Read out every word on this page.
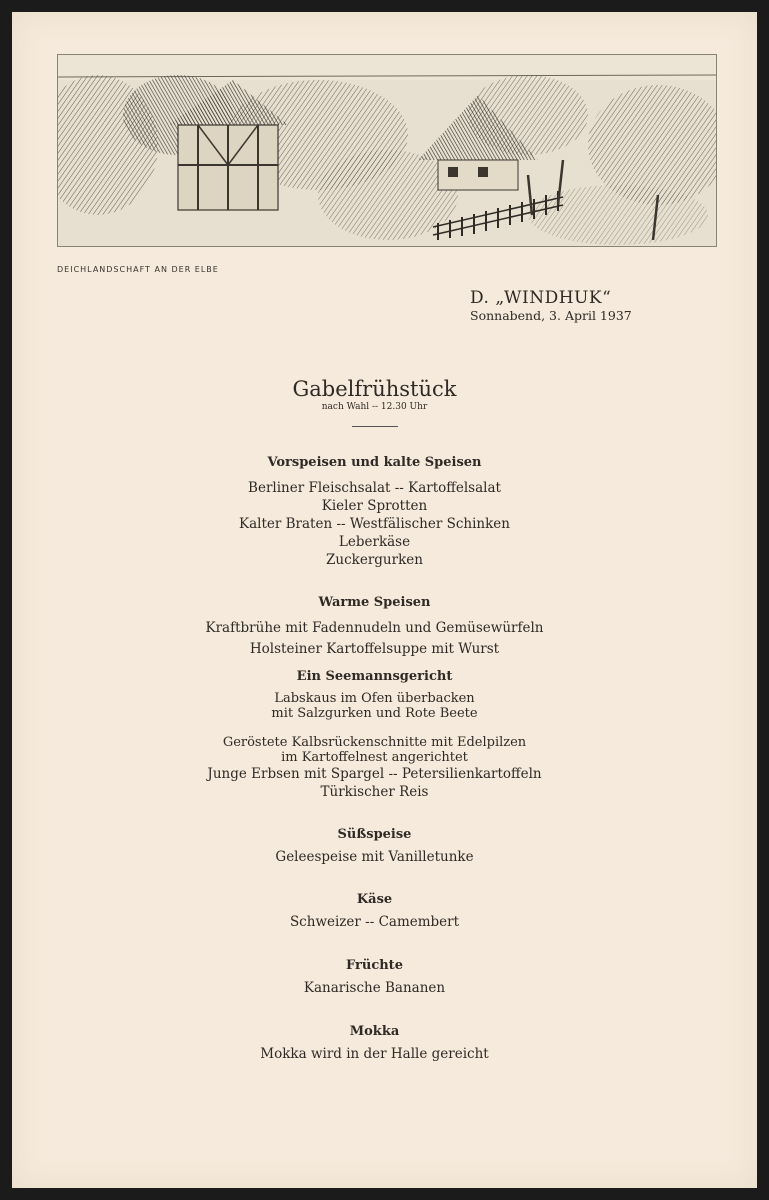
DEICHLANDSCHAFT AN DER ELBE
D. „WINDHUK“
Sonnabend, 3. April 1937
Gabelfrühstück
nach Wahl -- 12.30 Uhr
Vorspeisen und kalte Speisen
Berliner Fleischsalat -- Kartoffelsalat
Kieler Sprotten
Kalter Braten -- Westfälischer Schinken
Leberkäse
Zuckergurken
Warme Speisen
Kraftbrühe mit Fadennudeln und Gemüsewürfeln
Holsteiner Kartoffelsuppe mit Wurst
Ein Seemannsgericht
Labskaus im Ofen überbacken
mit Salzgurken und Rote Beete
Geröstete Kalbsrückenschnitte mit Edelpilzen
im Kartoffelnest angerichtet
Junge Erbsen mit Spargel -- Petersilienkartoffeln
Türkischer Reis
Süßspeise
Geleespeise mit Vanilletunke
Käse
Schweizer -- Camembert
Früchte
Kanarische Bananen
Mokka
Mokka wird in der Halle gereicht
